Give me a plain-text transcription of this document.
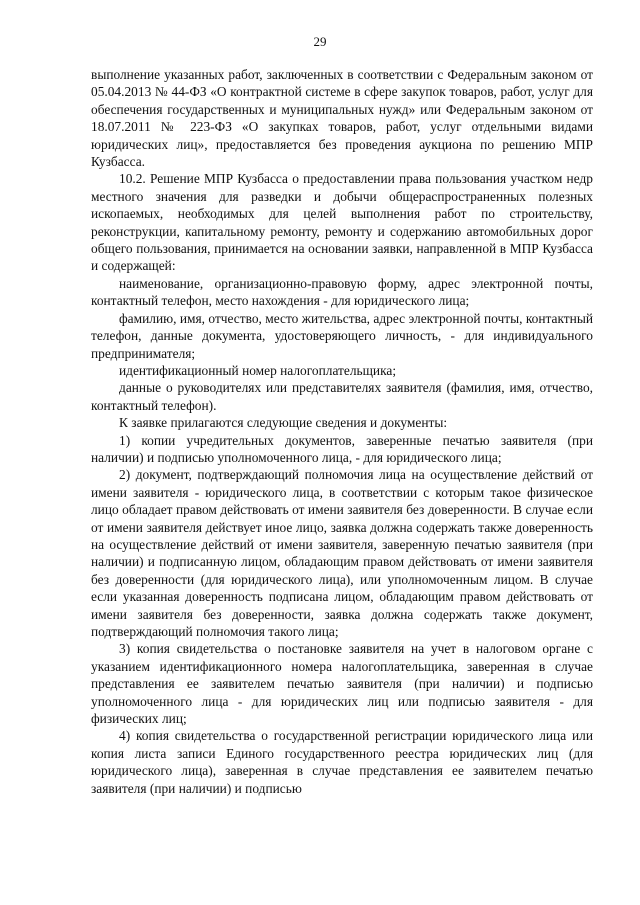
29

выполнение указанных работ, заключенных в соответствии с Федеральным законом от 05.04.2013 № 44-ФЗ «О контрактной системе в сфере закупок товаров, работ, услуг для обеспечения государственных и муниципальных нужд» или Федеральным законом от 18.07.2011 № 223-ФЗ «О закупках товаров, работ, услуг отдельными видами юридических лиц», предоставляется без проведения аукциона по решению МПР Кузбасса.

10.2. Решение МПР Кузбасса о предоставлении права пользования участком недр местного значения для разведки и добычи общераспространенных полезных ископаемых, необходимых для целей выполнения работ по строительству, реконструкции, капитальному ремонту, ремонту и содержанию автомобильных дорог общего пользования, принимается на основании заявки, направленной в МПР Кузбасса и содержащей:

наименование, организационно-правовую форму, адрес электронной почты, контактный телефон, место нахождения - для юридического лица;

фамилию, имя, отчество, место жительства, адрес электронной почты, контактный телефон, данные документа, удостоверяющего личность, - для индивидуального предпринимателя;

идентификационный номер налогоплательщика;

данные о руководителях или представителях заявителя (фамилия, имя, отчество, контактный телефон).

К заявке прилагаются следующие сведения и документы:

1) копии учредительных документов, заверенные печатью заявителя (при наличии) и подписью уполномоченного лица, - для юридического лица;

2) документ, подтверждающий полномочия лица на осуществление действий от имени заявителя - юридического лица, в соответствии с которым такое физическое лицо обладает правом действовать от имени заявителя без доверенности. В случае если от имени заявителя действует иное лицо, заявка должна содержать также доверенность на осуществление действий от имени заявителя, заверенную печатью заявителя (при наличии) и подписанную лицом, обладающим правом действовать от имени заявителя без доверенности (для юридического лица), или уполномоченным лицом. В случае если указанная доверенность подписана лицом, обладающим правом действовать от имени заявителя без доверенности, заявка должна содержать также документ, подтверждающий полномочия такого лица;

3) копия свидетельства о постановке заявителя на учет в налоговом органе с указанием идентификационного номера налогоплательщика, заверенная в случае представления ее заявителем печатью заявителя (при наличии) и подписью уполномоченного лица - для юридических лиц или подписью заявителя - для физических лиц;

4) копия свидетельства о государственной регистрации юридического лица или копия листа записи Единого государственного реестра юридических лиц (для юридического лица), заверенная в случае представления ее заявителем печатью заявителя (при наличии) и подписью
